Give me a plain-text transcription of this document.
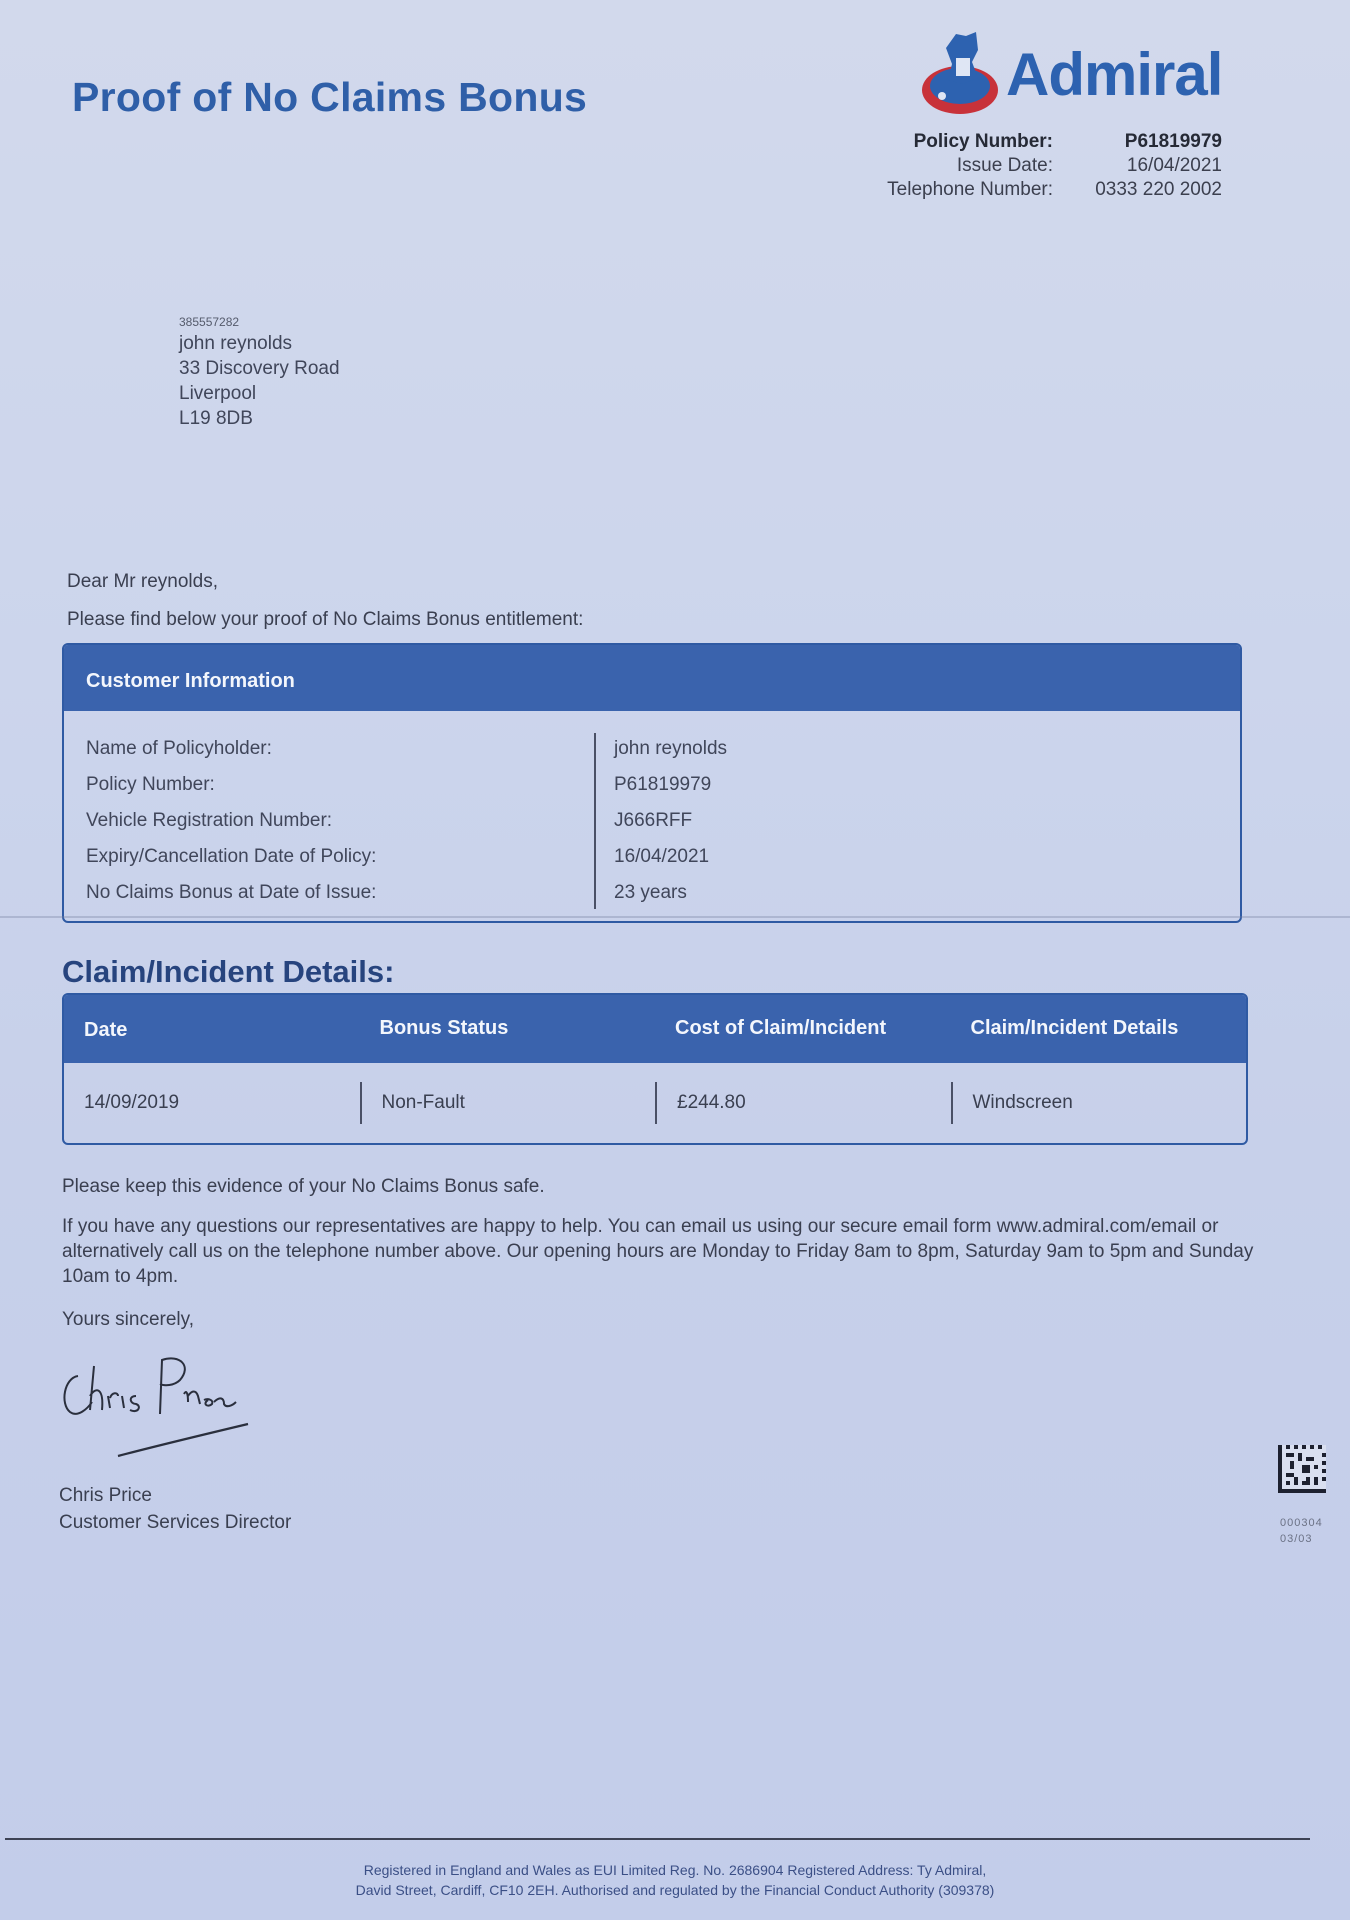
Proof of No Claims Bonus	Admiral
Policy Number:	P61819979
Issue Date:	16/04/2021
Telephone Number:	0333 220 2002
385557282
john reynolds
33 Discovery Road
Liverpool
L19 8DB

Dear Mr reynolds,

Please find below your proof of No Claims Bonus entitlement:

Customer Information
Name of Policyholder:	john reynolds
Policy Number:	P61819979
Vehicle Registration Number:	J666RFF
Expiry/Cancellation Date of Policy:	16/04/2021
No Claims Bonus at Date of Issue:	23 years
Claim/Incident Details:
Date	Bonus Status	Cost of Claim/Incident	Claim/Incident Details
14/09/2019	Non-Fault	£244.80	Windscreen

Please keep this evidence of your No Claims Bonus safe.

If you have any questions our representatives are happy to help. You can email us using our secure email form www.admiral.com/email or alternatively call us on the telephone number above. Our opening hours are Monday to Friday 8am to 8pm, Saturday 9am to 5pm and Sunday 10am to 4pm.

Yours sincerely,

Chris Price
Customer Services Director	000304
03/03
Registered in England and Wales as EUI Limited Reg. No. 2686904 Registered Address: Ty Admiral,
David Street, Cardiff, CF10 2EH. Authorised and regulated by the Financial Conduct Authority (309378)
